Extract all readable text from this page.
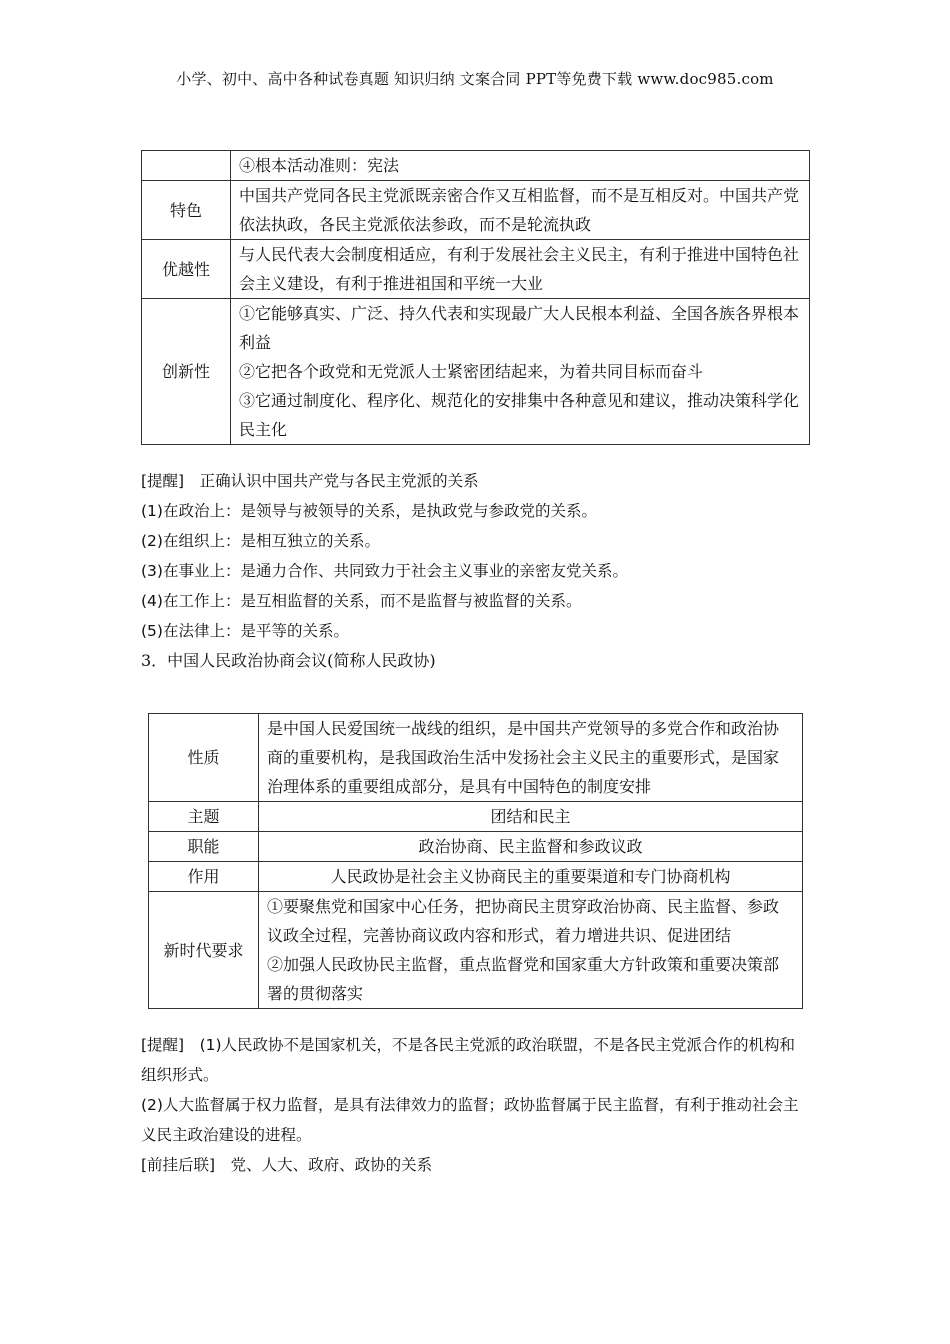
小学、初中、高中各种试卷真题 知识归纳 文案合同 PPT等免费下载 www.doc985.com

	④根本活动准则：宪法

特色	中国共产党同各民主党派既亲密合作又互相监督，而不是互相反对。中国共产党依法执政，各民主党派依法参政，而不是轮流执政

优越性	与人民代表大会制度相适应，有利于发展社会主义民主，有利于推进中国特色社会主义建设，有利于推进祖国和平统一大业

创新性	①它能够真实、广泛、持久代表和实现最广大人民根本利益、全国各族各界根本利益
②它把各个政党和无党派人士紧密团结起来，为着共同目标而奋斗
③它通过制度化、程序化、规范化的安排集中各种意见和建议，推动决策科学化民主化
[提醒]　正确认识中国共产党与各民主党派的关系
(1)在政治上：是领导与被领导的关系，是执政党与参政党的关系。
(2)在组织上：是相互独立的关系。
(3)在事业上：是通力合作、共同致力于社会主义事业的亲密友党关系。
(4)在工作上：是互相监督的关系，而不是监督与被监督的关系。
(5)在法律上：是平等的关系。
3．中国人民政治协商会议(简称人民政协)
性质	是中国人民爱国统一战线的组织，是中国共产党领导的多党合作和政治协商的重要机构，是我国政治生活中发扬社会主义民主的重要形式，是国家治理体系的重要组成部分，是具有中国特色的制度安排

主题	团结和民主

职能	政治协商、民主监督和参政议政

作用	人民政协是社会主义协商民主的重要渠道和专门协商机构

新时代要求	①要聚焦党和国家中心任务，把协商民主贯穿政治协商、民主监督、参政议政全过程，完善协商议政内容和形式，着力增进共识、促进团结
②加强人民政协民主监督，重点监督党和国家重大方针政策和重要决策部署的贯彻落实
[提醒]　(1)人民政协不是国家机关，不是各民主党派的政治联盟，不是各民主党派合作的机构和组织形式。
(2)人大监督属于权力监督，是具有法律效力的监督；政协监督属于民主监督，有利于推动社会主义民主政治建设的进程。
[前挂后联]　党、人大、政府、政协的关系
